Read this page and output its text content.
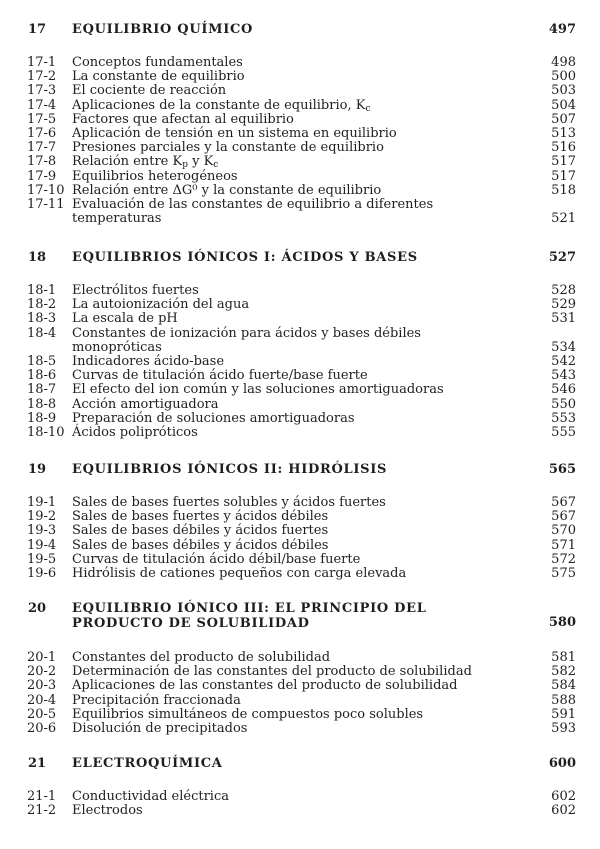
17 EQUILIBRIO QUÍMICO	497
17-1 Conceptos fundamentales	498
17-2 La constante de equilibrio	500
17-3 El cociente de reacción	503
17-4 Aplicaciones de la constante de equilibrio, $K_c$	504
17-5 Factores que afectan al equilibrio	507
17-6 Aplicación de tensión en un sistema en equilibrio	513
17-7 Presiones parciales y la constante de equilibrio	516
17-8 Relación entre $K_p$ y $K_c$	517
17-9 Equilibrios heterogéneos	517
17-10 Relación entre ΔG⁰ y la constante de equilibrio	518
17-11 Evaluación de las constantes de equilibrio a diferentes temperaturas	521
18 EQUILIBRIOS IÓNICOS I: ÁCIDOS Y BASES	527
18-1 Electrólitos fuertes	528
18-2 La autoionización del agua	529
18-3 La escala de pH	531
18-4 Constantes de ionización para ácidos y bases débiles monopróticas	534
18-5 Indicadores ácido-base	542
18-6 Curvas de titulación ácido fuerte/base fuerte	543
18-7 El efecto del ion común y las soluciones amortiguadoras	546
18-8 Acción amortiguadora	550
18-9 Preparación de soluciones amortiguadoras	553
18-10 Ácidos polipróticos	555
19 EQUILIBRIOS IÓNICOS II: HIDRÓLISIS	565
19-1 Sales de bases fuertes solubles y ácidos fuertes	567
19-2 Sales de bases fuertes y ácidos débiles	567
19-3 Sales de bases débiles y ácidos fuertes	570
19-4 Sales de bases débiles y ácidos débiles	571
19-5 Curvas de titulación ácido débil/base fuerte	572
19-6 Hidrólisis de cationes pequeños con carga elevada	575
20 EQUILIBRIO IÓNICO III: EL PRINCIPIO DEL PRODUCTO DE SOLUBILIDAD	580
20-1 Constantes del producto de solubilidad	581
20-2 Determinación de las constantes del producto de solubilidad	582
20-3 Aplicaciones de las constantes del producto de solubilidad	584
20-4 Precipitación fraccionada	588
20-5 Equilibrios simultáneos de compuestos poco solubles	591
20-6 Disolución de precipitados	593
21 ELECTROQUÍMICA	600
21-1 Conductividad eléctrica	602
21-2 Electrodos	602
